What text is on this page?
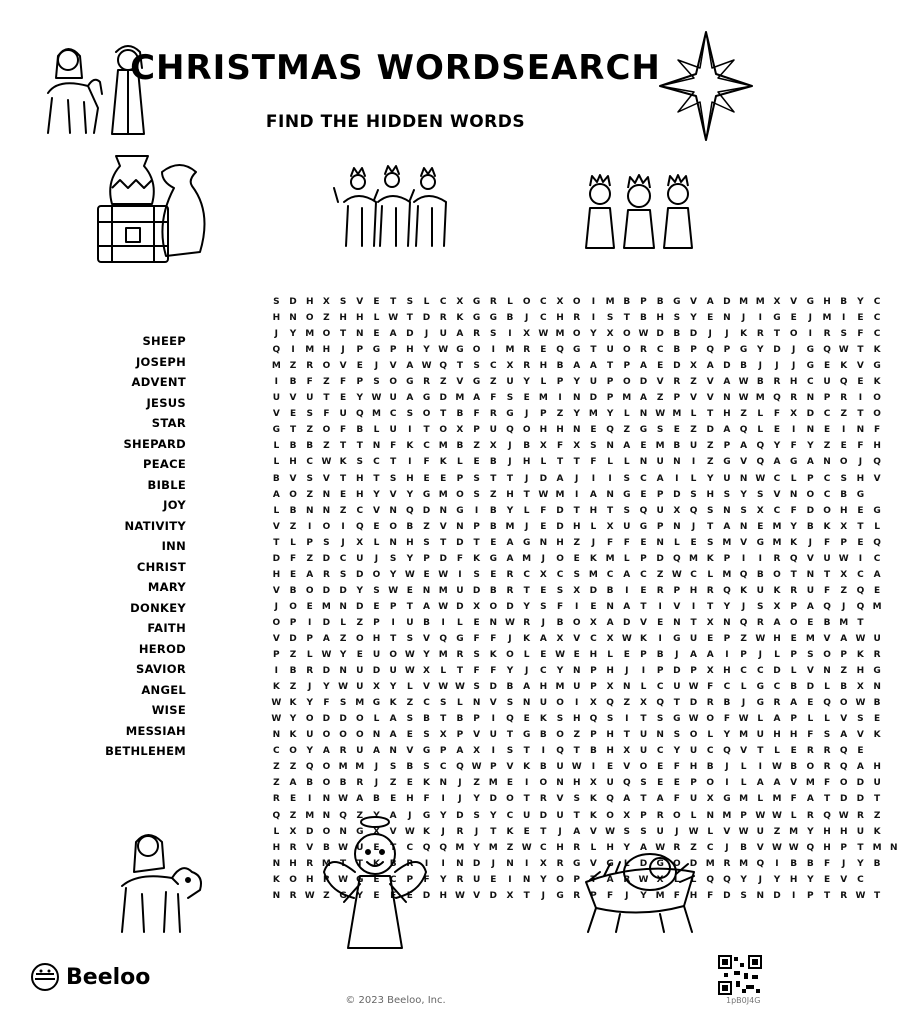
CHRISTMAS WORDSEARCH
FIND THE HIDDEN WORDS
SHEEP
JOSEPH
ADVENT
JESUS
STAR
SHEPARD
PEACE
BIBLE
JOY
NATIVITY
INN
CHRIST
MARY
DONKEY
FAITH
HEROD
SAVIOR
ANGEL
WISE
MESSIAH
BETHLEHEM
S	D	H	X	S	V	E	T	S	L	C	X	G	R	L	O	C	X	O	I	M B	P	B	G	V	A	D M M X	V	G	H	B	Y	C
H	N	O	Z	H	H	L W T	D	R	K	G	G	B	J	C	H	R	I	S	T	B	H	S	Y	E	N	J	I	G	E	J	M	I	E	C
J	Y M O	T	N	E	A	D	J	U	A	R	S	I	X W M O	Y	X	O W D	B	D	J	J	K	R	T	O	I	R	S	F	C
Q	I	M H	J	P	G	P	H	Y W G	O	I	M R	E	Q	G	T	U	O	R	C	B	P	Q	P	G	Y	D	J	G	Q W T	K
M Z	R	O	V	E	J	V	A W Q	T	S	C	X	R	H	B	A	A	T	P	A	E	D	X	A	D	B	J	J	J	G	E	K	V	G
I	B	F	Z	F	P	S	O	G	R	Z	V	G	Z	U	Y	L	P	Y	U	P	O	D	V	R	Z	V	A W B	R	H	C	U	Q	E	K
U	V	U	T	E	Y W U	A	G	D M A	F	S	E	M	I	N	D	P M A	Z	P	V	V	N W M Q	R	N	P	R	I	O
V	E	S	F	U	Q M C	S	O	T	B	F	R	G	J	P	Z	Y M Y	L	N W M	L	T	H	Z	L	F	X	D	C	Z	T	O
G	T	Z	O	F	B	L	U	I	T	O	X	P	U	Q	O	H	H	N	E	Q	Z	G	S	E	Z	D	A	Q	L	E	I	N	E	I	N	F
L	B	B	Z	T	T	N	F	K	C M B	Z	X	J	B	X	F	X	S	N	A	E	M B	U	Z	P	A	Q	Y	F	Y	Z	E	F	H
L	H	C W K	S	C	T	I	F	K	L	E	B	J	H	L	T	T	F	L	L	N	U	N	I	Z	G	V	Q	A	G	A	N	O	J	Q
B	V	S	V	T	H	T	S	H	E	E	P	S	T	T	J	D	A	J	I	I	S	C	A	I	L	Y	U	N W C	L	P	C	S	H	V
A	O	Z	N	E	H	Y	V	Y	G M O	S	Z	H	T W M	I	A	N	G	E	P	D	S	H	S	Y	S	V	N	O	C	B	G
L	B	N	N	Z	C	V	N	Q	D	N	G	I	B	Y	L	F	D	T	H	T	S	Q	U	X	Q	S	N	S	X	C	F	D	O	H	E	G
V	Z	I	O	I	Q	E	O	B	Z	V	N	P	B M	J	E	D	H	L	X	U	G	P	N	J	T	A	N	E	M Y	B	K	X	T	L
T	L	P	S	J	X	L	N	H	S	T	D	T	E	A	G	N	H	Z	J	F	F	E	N	L	E	S M V	G M K	J	F	P	E	Q
D	F	Z	D	C	U	J	S	Y	P	D	F	K	G	A M	J	O	E	K M	L	P	D	Q M K	P	I	I	R	Q	V	U W	I	C
H	E	A	R	S	D	O	Y W E W	I	S	E	R	C	X	C	S M C	A	C	Z W C	L	M Q	B	O	T	N	T	X	C	A
V	B	O	D	D	Y	S W E	N M U	D	B	R	T	E	S	X	D	B	I	E	R	P	H	R	Q	K	U	K	R	U	F	Z	Q	E
J	O	E	M N	D	E	P	T	A W D	X	O	D	Y	S	F	I	E	N	A	T	I	V	I	T	Y	J	S	X	P	A	Q	J	Q M
O	P	I	D	L	Z	P	I	U	B	I	L	E	N W R	J	B	O	X	A	D	V	E	N	T	X	N	Q	R	A	O	E	B M	T
V	D	P	A	Z	O	H	T	S	V	Q	G	F	F	J	K	A	X	V	C	X W K	I	G	U	E	P	Z W H	E	M V	A W U
P	Z	L W Y	E	U	O W Y M R	S	K	O	L	E W E	H	L	E	P	B	J	A	A	I	P	J	L	P	S	O	P	K	R
I	B	R	D	N	U	D	U W X	L	T	F	F	Y	J	C	Y	N	P	H	J	I	P	D	P	X	H	C	C	D	L	V	N	Z	H	G
K	Z	J	Y W U	X	Y	L	V W W S	D	B	A	H M U	P	X	N	L	C	U W F	C	L	G	C	B	D	L	B	X	N
W K	Y	F	S M G	K	Z	C	S	L	N	V	S	N	U	O	I	X	Q	Z	X	Q	T	D	R	B	J	G	R	A	E	Q	O W B
W Y	O	D	D	O	L	A	S	B	T	B	P	I	Q	E	K	S	H	Q	S	I	T	S	G W O	F W L	A	P	L	L	V	S	E
N	K	U	O	O	O	N	A	E	S	X	P	V	U	T	G	B	O	Z	P	H	T	U	N	S	O	L	Y M U	H	H	F	S	A	V	K
C	O	Y	A	R	U	A	N	V	G	P	A	X	I	S	T	I	Q	T	B	H	X	U	C	Y	U	C	Q	V	T	L	E	R	R	Q	E
Z	Z	Q	O M M	J	S	B	S	C	Q W P	V	K	B	U W	I	E	V	O	E	F	H	B	J	L	I	W B	O	R	Q	A	H
Z	A	B	O	B	R	J	Z	E	K	N	J	Z M	E	I	O	N	H	X	U	Q	S	E	E	P	O	I	L	A	A	V M	F	O	D	U
R	E	I	N W A	B	E	H	F	I	J	Y	D	O	T	R	V	S	K	Q	A	T	A	F	U	X	G M	L	M	F	A	T	D	D	T
Q	Z M N	Q	Z	Y	A	J	G	Y	D	S	Y	C	U	D	U	T	K	O	X	P	R	O	L	N M P W W L	R	Q W R	Z
L	X	D	O	N	G	X	V W K	J	R	J	T	K	E	T	J	A	V W S	S	U	J	W L	V W U	Z M Y	H	H	U	K
H	R	V	B W U	E	T	C	Q	Q M Y M Z W C	H	R	L	H	Y	A W R	Z	C	J	B	V W W Q	H	P	T	M N
N	H	R M	T	T	K	B	R	I	I	N	D	J	N	I	X	R	G	V	G	L	D	G	O	D M R M Q	I	B	B	F	J	Y	B
K	O	H	R W G	E	C	P	F	Y	R	U	E	I	N	Y	O	P	T	A	R W X	L	L	Q	Q	Y	J	Y	H	Y	E	V	C
N	R W Z	G	Y	E	E	E	D	H W V	D	X	T	J	G	R	P	F	J	Y M	F	H	F	D	S	N	D	I	P	T	R W T
Beeloo
© 2023 Beeloo, Inc.	1pB0J4G
